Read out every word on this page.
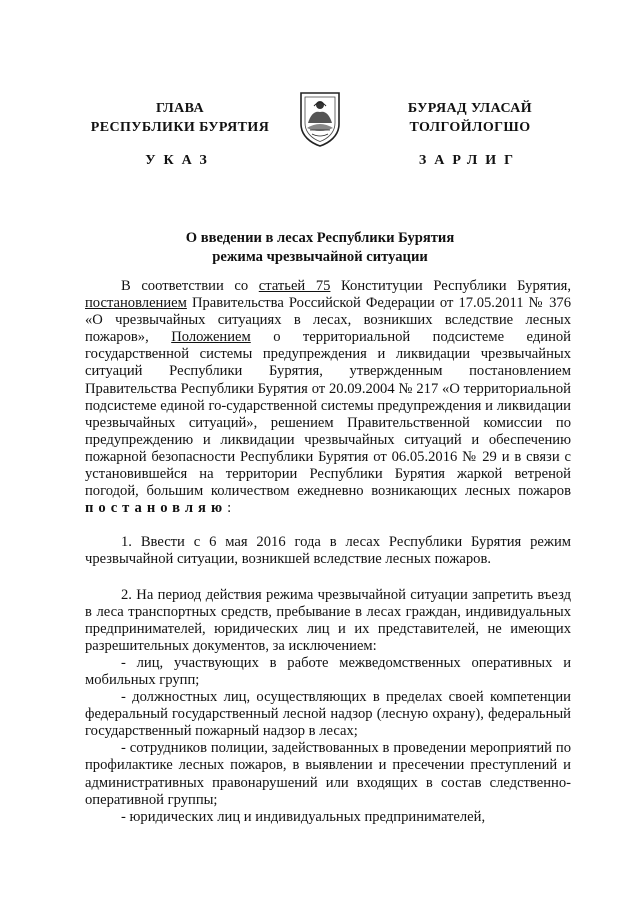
ГЛАВА
РЕСПУБЛИКИ БУРЯТИЯ
УКАЗ
БУРЯАД УЛАСАЙ
ТОЛГОЙЛОГШО
ЗАРЛИГ
О введении в лесах Республики Бурятия
режима чрезвычайной ситуации

В соответствии со статьей 75 Конституции Республики Бурятия, постановлением Правительства Российской Федерации от 17.05.2011 № 376 «О чрезвычайных ситуациях в лесах, возникших вследствие лесных пожаров», Положением о территориальной подсистеме единой государственной системы предупреждения и ликвидации чрезвычайных ситуаций Республики Бурятия, утвержденным постановлением Правительства Республики Бурятия от 20.09.2004 № 217 «О территориальной подсистеме единой го-сударственной системы предупреждения и ликвидации чрезвычайных ситуаций», решением Правительственной комиссии по предупреждению и ликвидации чрезвычайных ситуаций и обеспечению пожарной безопасности Республики Бурятия от 06.05.2016 № 29 и в связи с установившейся на территории Республики Бурятия жаркой ветреной погодой, большим количеством ежедневно возникающих лесных пожаров постановляю:

1. Ввести с 6 мая 2016 года в лесах Республики Бурятия режим чрезвычайной ситуации, возникшей вследствие лесных пожаров.

2. На период действия режима чрезвычайной ситуации запретить въезд в леса транспортных средств, пребывание в лесах граждан, индивидуальных предпринимателей, юридических лиц и их представителей, не имеющих разрешительных документов, за исключением:

- лиц, участвующих в работе межведомственных оперативных и мобильных групп;

- должностных лиц, осуществляющих в пределах своей компетенции федеральный государственный лесной надзор (лесную охрану), федеральный государственный пожарный надзор в лесах;

- сотрудников полиции, задействованных в проведении мероприятий по профилактике лесных пожаров, в выявлении и пресечении преступлений и административных правонарушений или входящих в состав следственно-оперативной группы;

- юридических лиц и индивидуальных предпринимателей,
